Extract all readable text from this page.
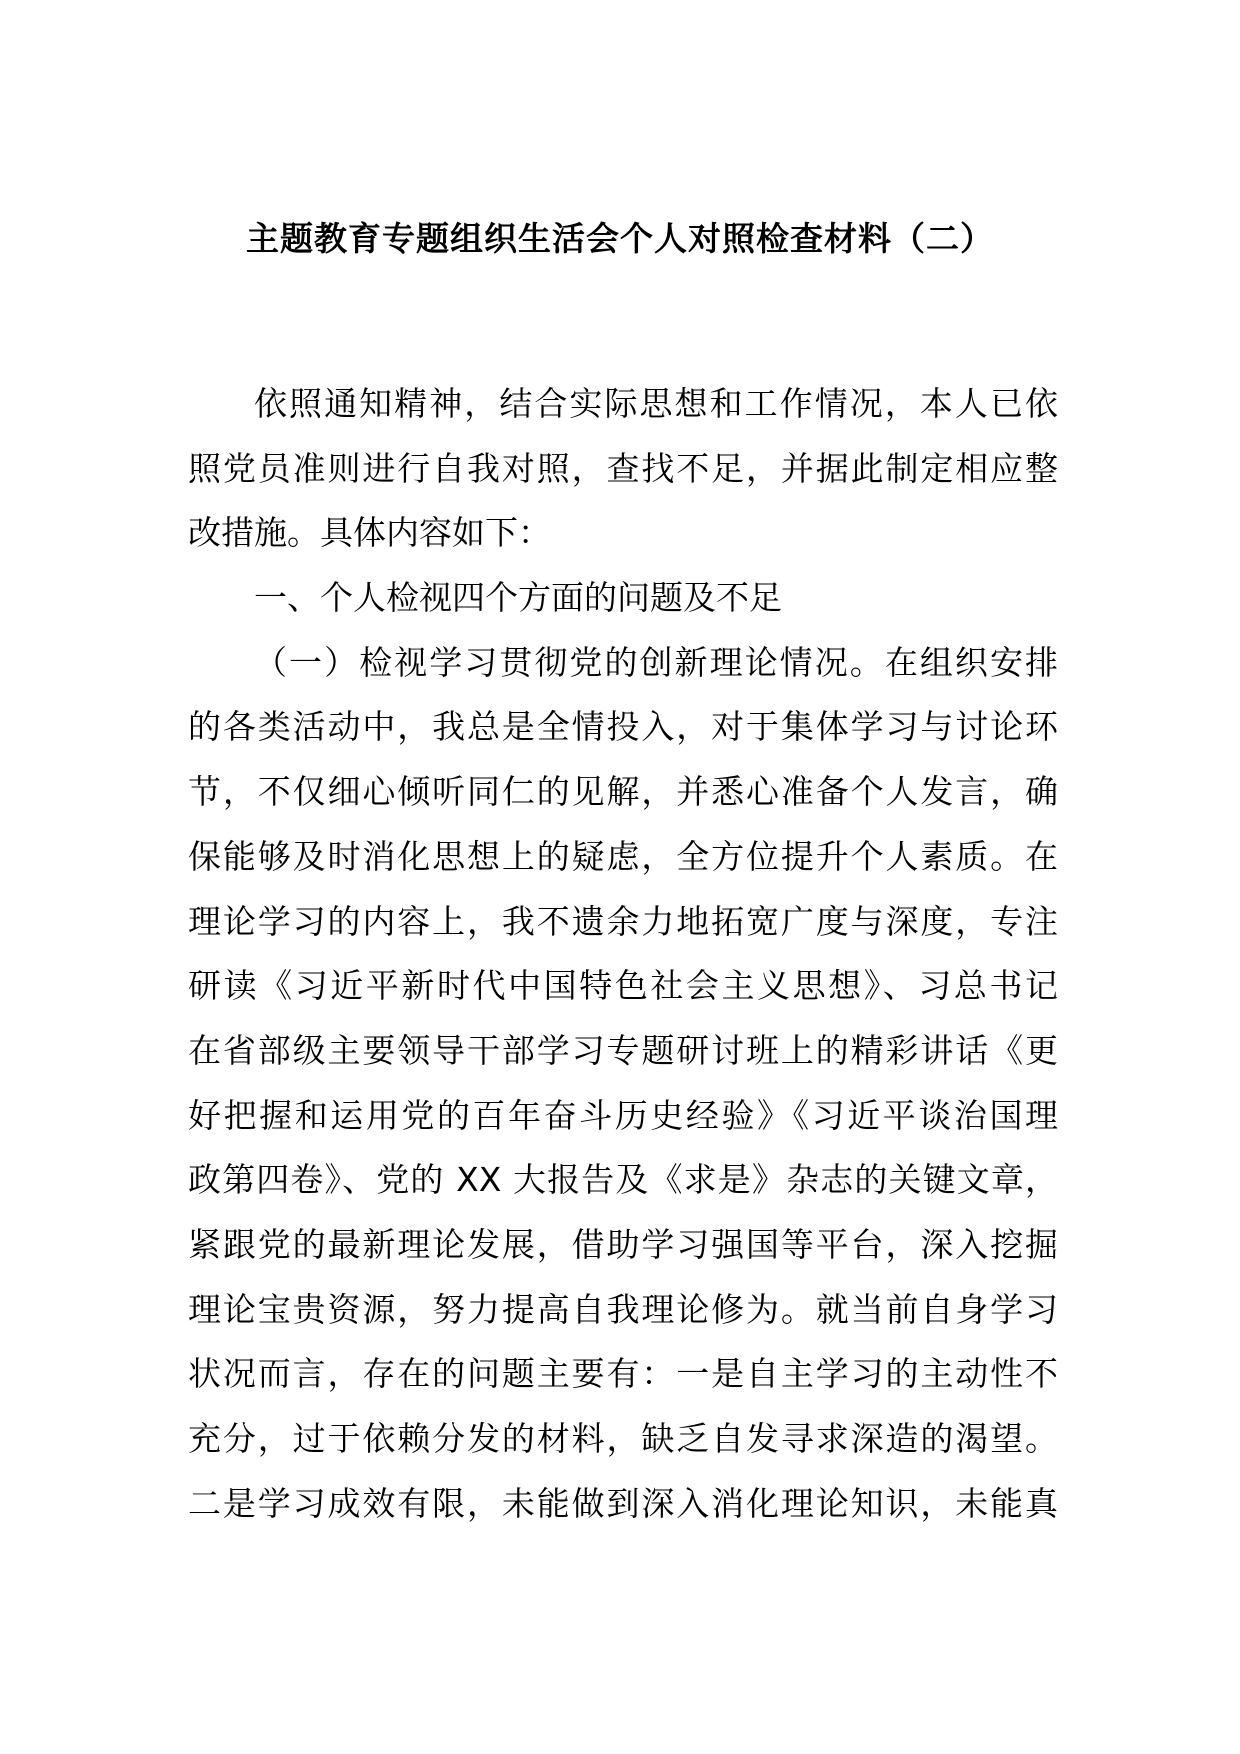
主题教育专题组织生活会个人对照检查材料（二）
依照通知精神，结合实际思想和工作情况，本人已依
照党员准则进行自我对照，查找不足，并据此制定相应整
改措施。具体内容如下：
一、个人检视四个方面的问题及不足
（一）检视学习贯彻党的创新理论情况。在组织安排
的各类活动中，我总是全情投入，对于集体学习与讨论环
节，不仅细心倾听同仁的见解，并悉心准备个人发言，确
保能够及时消化思想上的疑虑，全方位提升个人素质。在
理论学习的内容上，我不遗余力地拓宽广度与深度，专注
研读《习近平新时代中国特色社会主义思想》、习总书记
在省部级主要领导干部学习专题研讨班上的精彩讲话《更
好把握和运用党的百年奋斗历史经验》《习近平谈治国理
政第四卷》、党的 XX 大报告及《求是》杂志的关键文章，
紧跟党的最新理论发展，借助学习强国等平台，深入挖掘
理论宝贵资源，努力提高自我理论修为。就当前自身学习
状况而言，存在的问题主要有：一是自主学习的主动性不
充分，过于依赖分发的材料，缺乏自发寻求深造的渴望。
二是学习成效有限，未能做到深入消化理论知识，未能真
